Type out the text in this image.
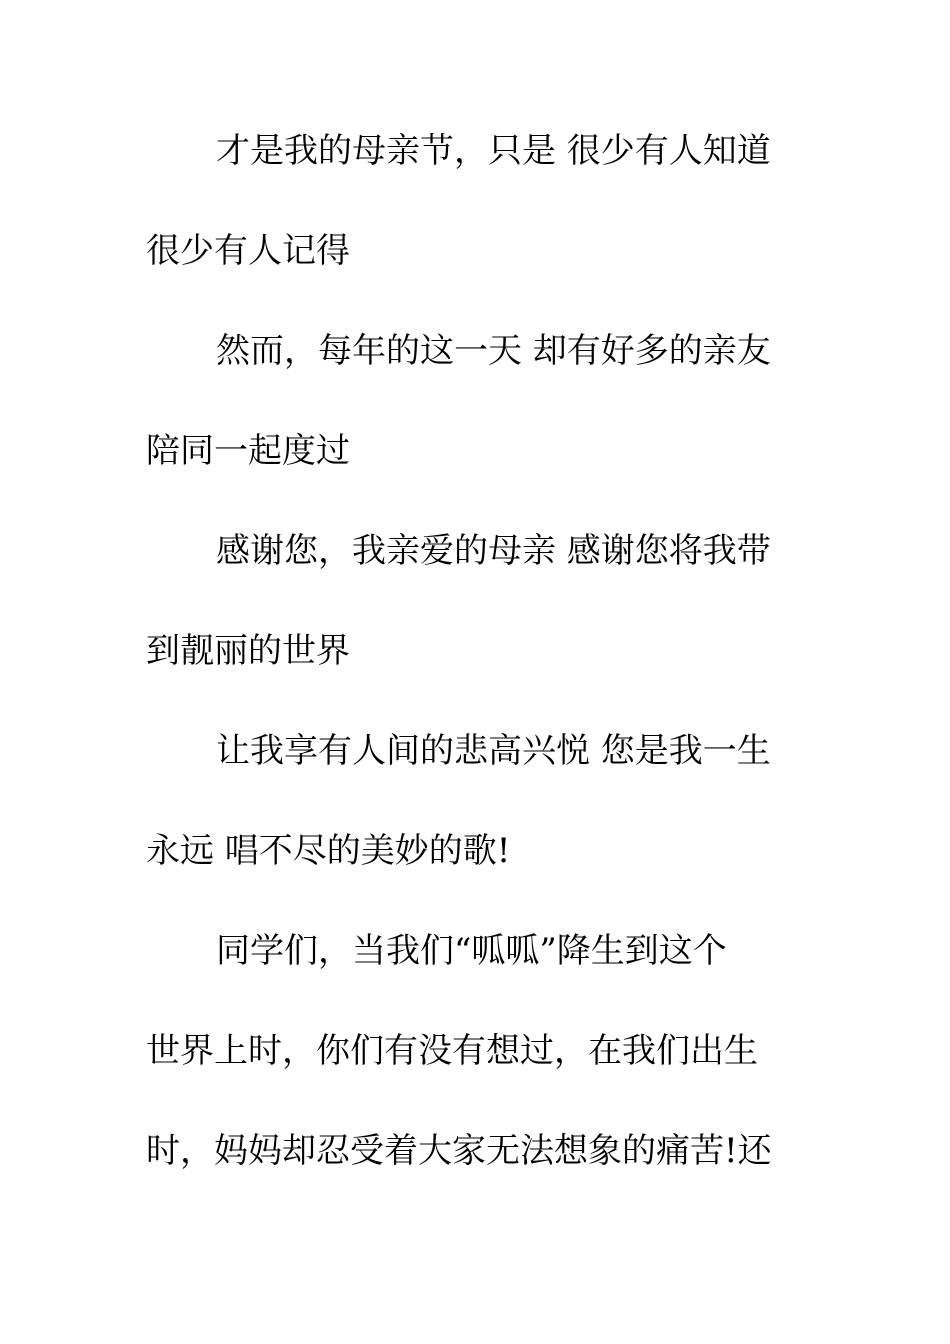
才是我的母亲节，只是 很少有人知道
很少有人记得
然而，每年的这一天 却有好多的亲友
陪同一起度过
感谢您，我亲爱的母亲 感谢您将我带
到靓丽的世界
让我享有人间的悲高兴悦 您是我一生
永远 唱不尽的美妙的歌!
同学们，当我们“呱呱”降生到这个
世界上时，你们有没有想过，在我们出生
时，妈妈却忍受着大家无法想象的痛苦!还
